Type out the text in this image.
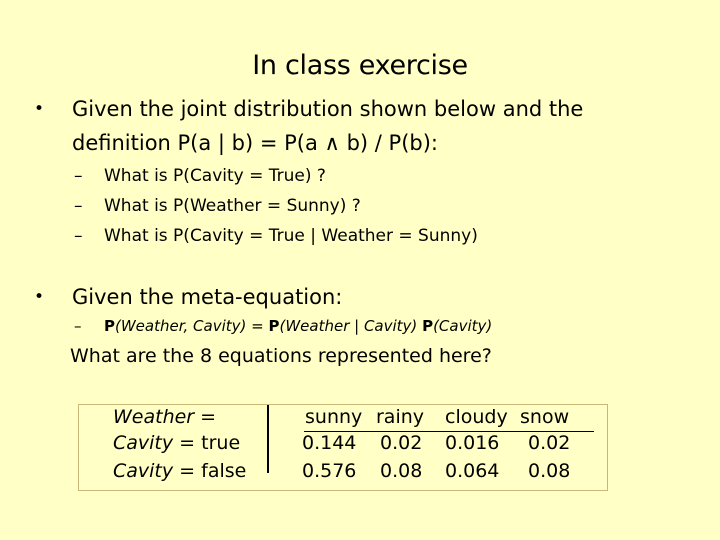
In class exercise
• Given the joint distribution shown below and the
definition P(a | b) = P(a ∧ b) / P(b):
– What is P(Cavity = True) ?
– What is P(Weather = Sunny) ?
– What is P(Cavity = True | Weather = Sunny)
• Given the meta-equation:
– P(Weather, Cavity) = P(Weather | Cavity) P(Cavity)
What are the 8 equations represented here?
Weather =	sunny rainy cloudy snow
Cavity = true	0.144 0.02 0.016 0.02
Cavity = false	0.576 0.08 0.064 0.08
